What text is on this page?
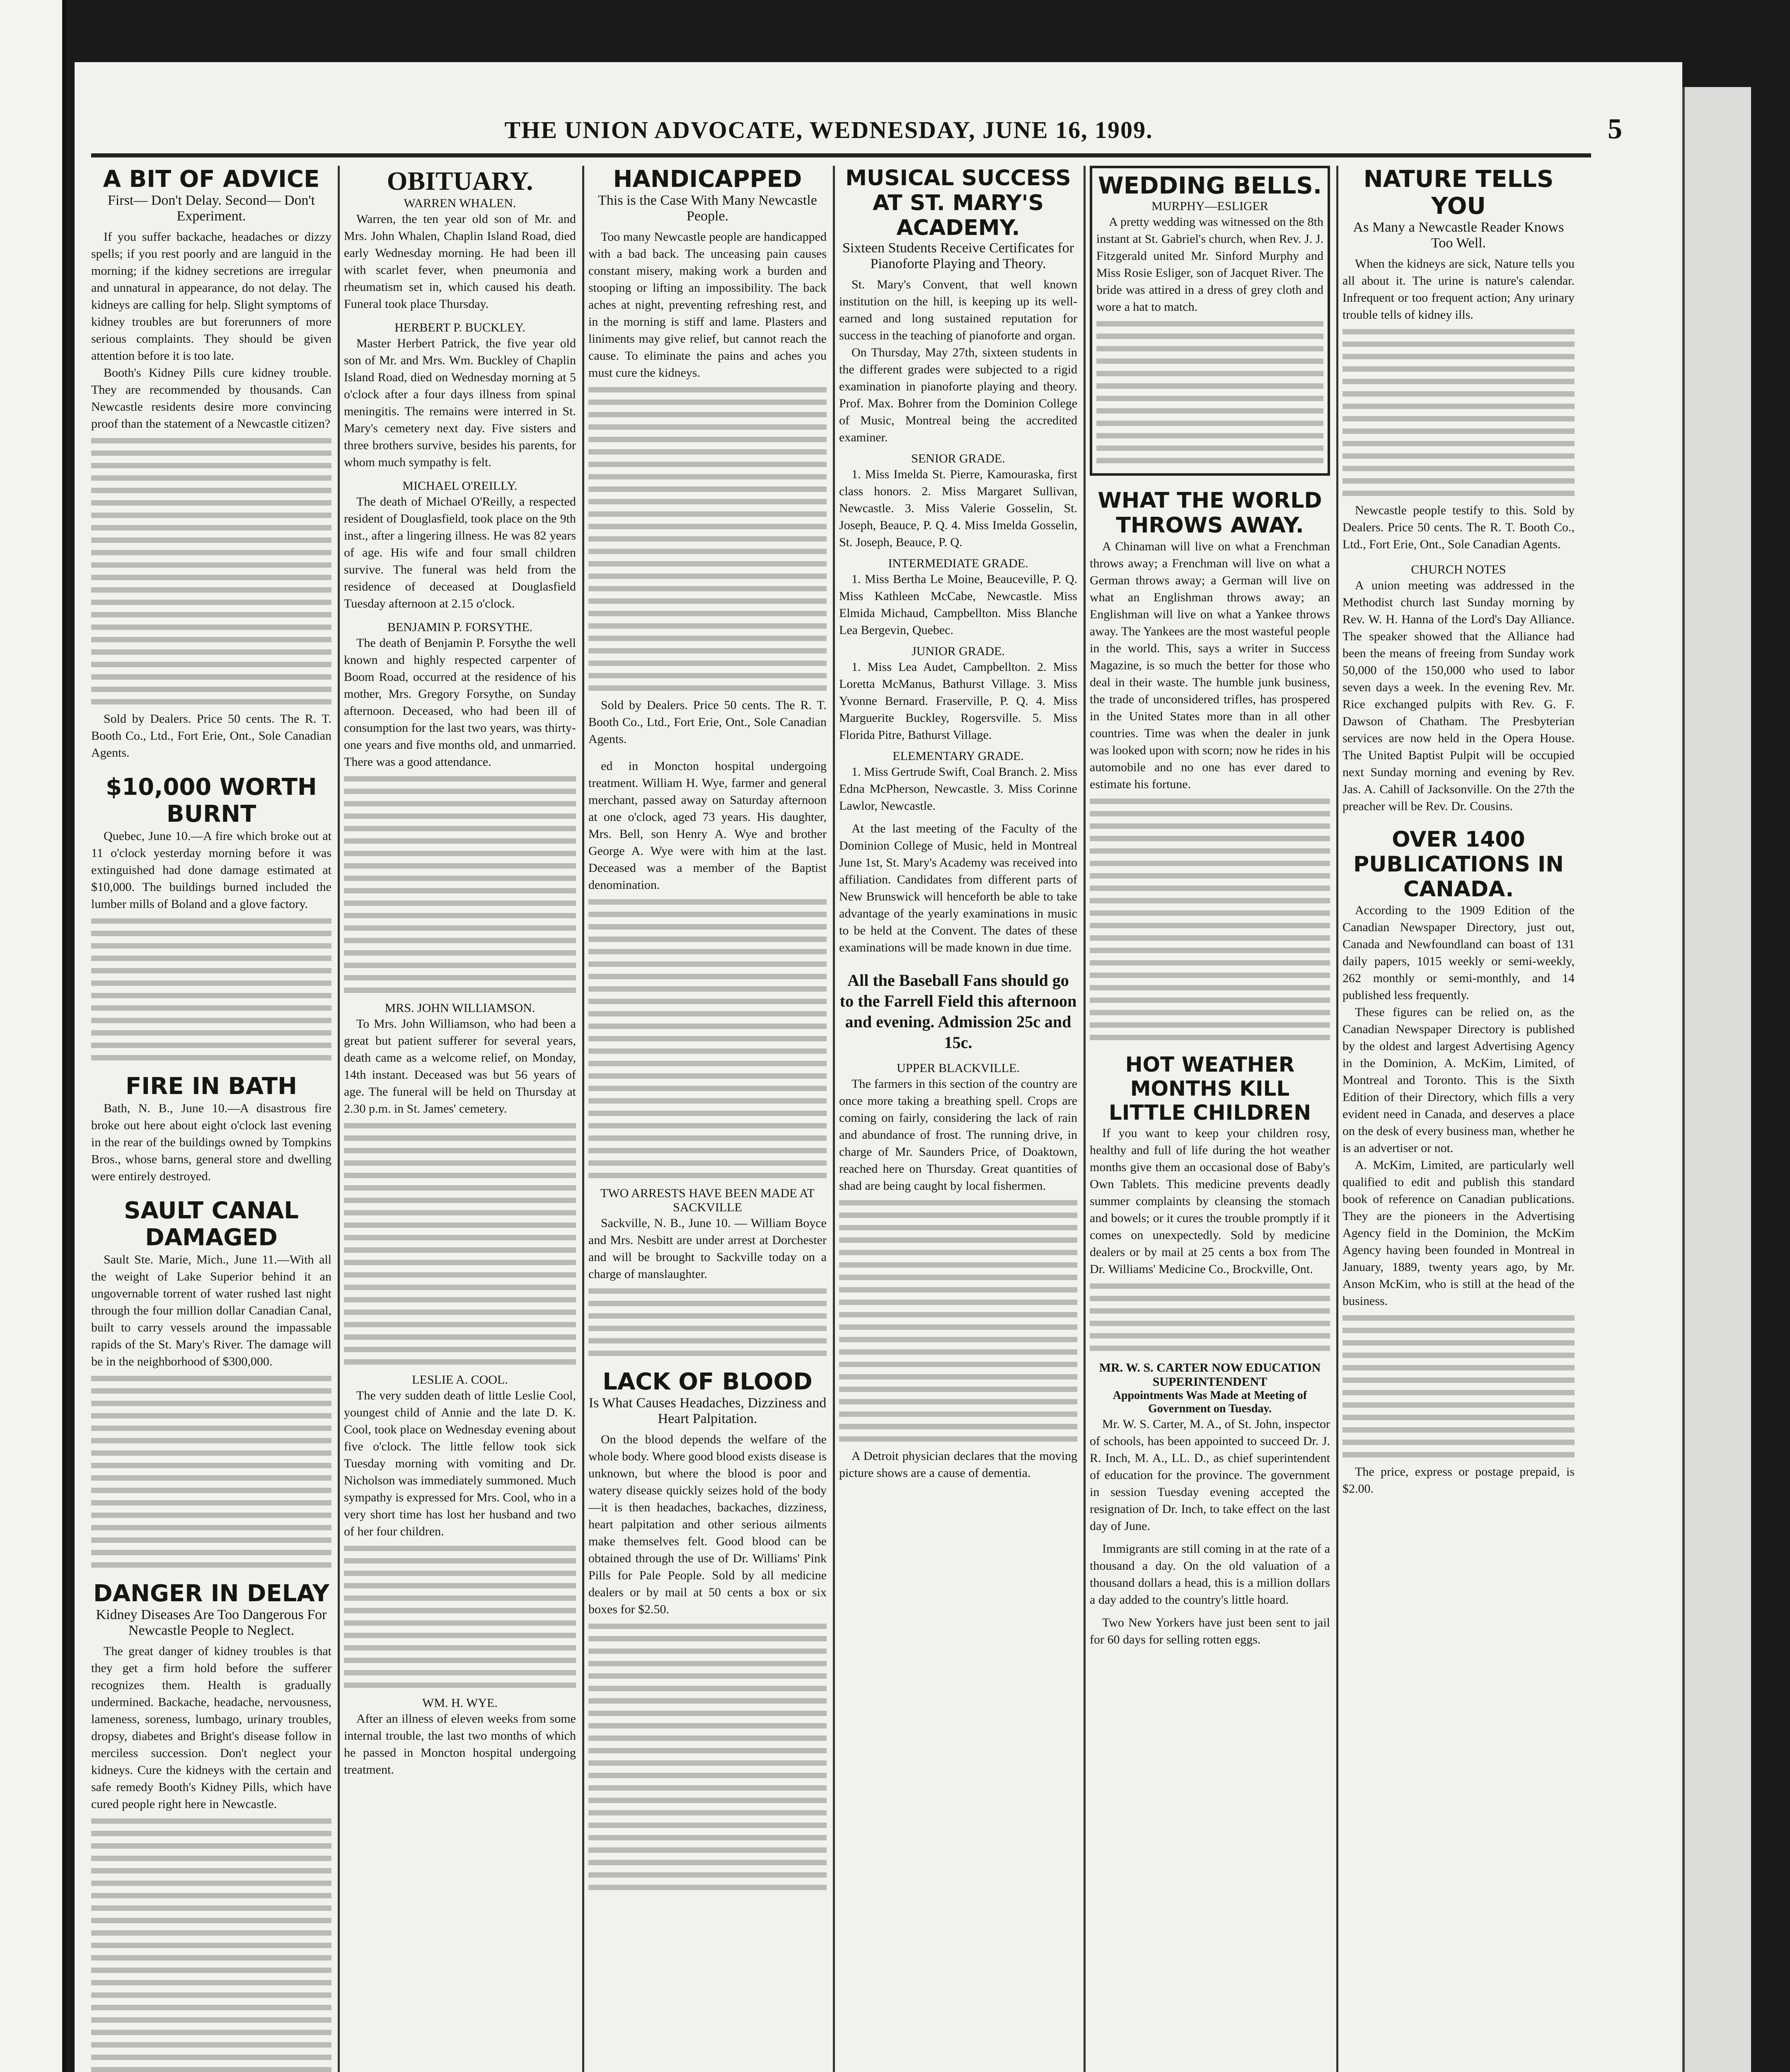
THE UNION ADVOCATE, WEDNESDAY, JUNE 16, 1909.	5

A BIT OF ADVICE

First— Don't Delay. Second— Don't Experiment.

If you suffer backache, headaches or dizzy spells; if you rest poorly and are languid in the morning; if the kidney secretions are irregular and unnatural in appearance, do not delay. The kidneys are calling for help. Slight symptoms of kidney troubles are but forerunners of more serious complaints. They should be given attention before it is too late.

Booth's Kidney Pills cure kidney trouble. They are recommended by thousands. Can Newcastle residents desire more convincing proof than the statement of a Newcastle citizen?

Sold by Dealers. Price 50 cents. The R. T. Booth Co., Ltd., Fort Erie, Ont., Sole Canadian Agents.

$10,000 WORTH BURNT

Quebec, June 10.—A fire which broke out at 11 o'clock yesterday morning before it was extinguished had done damage estimated at $10,000. The buildings burned included the lumber mills of Boland and a glove factory.

FIRE IN BATH

Bath, N. B., June 10.—A disastrous fire broke out here about eight o'clock last evening in the rear of the buildings owned by Tompkins Bros., whose barns, general store and dwelling were entirely destroyed.

SAULT CANAL DAMAGED

Sault Ste. Marie, Mich., June 11.—With all the weight of Lake Superior behind it an ungovernable torrent of water rushed last night through the four million dollar Canadian Canal, built to carry vessels around the impassable rapids of the St. Mary's River. The damage will be in the neighborhood of $300,000.

DANGER IN DELAY

Kidney Diseases Are Too Dangerous For Newcastle People to Neglect.

The great danger of kidney troubles is that they get a firm hold before the sufferer recognizes them. Health is gradually undermined. Backache, headache, nervousness, lameness, soreness, lumbago, urinary troubles, dropsy, diabetes and Bright's disease follow in merciless succession. Don't neglect your kidneys. Cure the kidneys with the certain and safe remedy Booth's Kidney Pills, which have cured people right here in Newcastle.

OBITUARY.

WARREN WHALEN.

Warren, the ten year old son of Mr. and Mrs. John Whalen, Chaplin Island Road, died early Wednesday morning. He had been ill with scarlet fever, when pneumonia and rheumatism set in, which caused his death. Funeral took place Thursday.

HERBERT P. BUCKLEY.

Master Herbert Patrick, the five year old son of Mr. and Mrs. Wm. Buckley of Chaplin Island Road, died on Wednesday morning at 5 o'clock after a four days illness from spinal meningitis. The remains were interred in St. Mary's cemetery next day. Five sisters and three brothers survive, besides his parents, for whom much sympathy is felt.

MICHAEL O'REILLY.

The death of Michael O'Reilly, a respected resident of Douglasfield, took place on the 9th inst., after a lingering illness. He was 82 years of age. His wife and four small children survive. The funeral was held from the residence of deceased at Douglasfield Tuesday afternoon at 2.15 o'clock.

BENJAMIN P. FORSYTHE.

The death of Benjamin P. Forsythe the well known and highly respected carpenter of Boom Road, occurred at the residence of his mother, Mrs. Gregory Forsythe, on Sunday afternoon. Deceased, who had been ill of consumption for the last two years, was thirty-one years and five months old, and unmarried. There was a good attendance.

MRS. JOHN WILLIAMSON.

To Mrs. John Williamson, who had been a great but patient sufferer for several years, death came as a welcome relief, on Monday, 14th instant. Deceased was but 56 years of age. The funeral will be held on Thursday at 2.30 p.m. in St. James' cemetery.

LESLIE A. COOL.

The very sudden death of little Leslie Cool, youngest child of Annie and the late D. K. Cool, took place on Wednesday evening about five o'clock. The little fellow took sick Tuesday morning with vomiting and Dr. Nicholson was immediately summoned. Much sympathy is expressed for Mrs. Cool, who in a very short time has lost her husband and two of her four children.

WM. H. WYE.

After an illness of eleven weeks from some internal trouble, the last two months of which he passed in Moncton hospital undergoing treatment.

HANDICAPPED

This is the Case With Many Newcastle People.

Too many Newcastle people are handicapped with a bad back. The unceasing pain causes constant misery, making work a burden and stooping or lifting an impossibility. The back aches at night, preventing refreshing rest, and in the morning is stiff and lame. Plasters and liniments may give relief, but cannot reach the cause. To eliminate the pains and aches you must cure the kidneys.

Sold by Dealers. Price 50 cents. The R. T. Booth Co., Ltd., Fort Erie, Ont., Sole Canadian Agents.

ed in Moncton hospital undergoing treatment. William H. Wye, farmer and general merchant, passed away on Saturday afternoon at one o'clock, aged 73 years. His daughter, Mrs. Bell, son Henry A. Wye and brother George A. Wye were with him at the last. Deceased was a member of the Baptist denomination.

TWO ARRESTS HAVE BEEN MADE AT SACKVILLE

Sackville, N. B., June 10. — William Boyce and Mrs. Nesbitt are under arrest at Dorchester and will be brought to Sackville today on a charge of manslaughter.

LACK OF BLOOD

Is What Causes Headaches, Dizziness and Heart Palpitation.

On the blood depends the welfare of the whole body. Where good blood exists disease is unknown, but where the blood is poor and watery disease quickly seizes hold of the body—it is then headaches, backaches, dizziness, heart palpitation and other serious ailments make themselves felt. Good blood can be obtained through the use of Dr. Williams' Pink Pills for Pale People. Sold by all medicine dealers or by mail at 50 cents a box or six boxes for $2.50.

MUSICAL SUCCESS AT ST. MARY'S ACADEMY.

Sixteen Students Receive Certificates for Pianoforte Playing and Theory.

St. Mary's Convent, that well known institution on the hill, is keeping up its well-earned and long sustained reputation for success in the teaching of pianoforte and organ.

On Thursday, May 27th, sixteen students in the different grades were subjected to a rigid examination in pianoforte playing and theory. Prof. Max. Bohrer from the Dominion College of Music, Montreal being the accredited examiner.

SENIOR GRADE.

1. Miss Imelda St. Pierre, Kamouraska, first class honors. 2. Miss Margaret Sullivan, Newcastle. 3. Miss Valerie Gosselin, St. Joseph, Beauce, P. Q. 4. Miss Imelda Gosselin, St. Joseph, Beauce, P. Q.

INTERMEDIATE GRADE.

1. Miss Bertha Le Moine, Beauceville, P. Q. Miss Kathleen McCabe, Newcastle. Miss Elmida Michaud, Campbellton. Miss Blanche Lea Bergevin, Quebec.

JUNIOR GRADE.

1. Miss Lea Audet, Campbellton. 2. Miss Loretta McManus, Bathurst Village. 3. Miss Yvonne Bernard. Fraserville, P. Q. 4. Miss Marguerite Buckley, Rogersville. 5. Miss Florida Pitre, Bathurst Village.

ELEMENTARY GRADE.

1. Miss Gertrude Swift, Coal Branch. 2. Miss Edna McPherson, Newcastle. 3. Miss Corinne Lawlor, Newcastle.

At the last meeting of the Faculty of the Dominion College of Music, held in Montreal June 1st, St. Mary's Academy was received into affiliation. Candidates from different parts of New Brunswick will henceforth be able to take advantage of the yearly examinations in music to be held at the Convent. The dates of these examinations will be made known in due time.

All the Baseball Fans should go to the Farrell Field this afternoon and evening. Admission 25c and 15c.

UPPER BLACKVILLE.

The farmers in this section of the country are once more taking a breathing spell. Crops are coming on fairly, considering the lack of rain and abundance of frost. The running drive, in charge of Mr. Saunders Price, of Doaktown, reached here on Thursday. Great quantities of shad are being caught by local fishermen.

A Detroit physician declares that the moving picture shows are a cause of dementia.

WEDDING BELLS.

MURPHY—ESLIGER

A pretty wedding was witnessed on the 8th instant at St. Gabriel's church, when Rev. J. J. Fitzgerald united Mr. Sinford Murphy and Miss Rosie Esliger, son of Jacquet River. The bride was attired in a dress of grey cloth and wore a hat to match.

WHAT THE WORLD THROWS AWAY.

A Chinaman will live on what a Frenchman throws away; a Frenchman will live on what a German throws away; a German will live on what an Englishman throws away; an Englishman will live on what a Yankee throws away. The Yankees are the most wasteful people in the world. This, says a writer in Success Magazine, is so much the better for those who deal in their waste. The humble junk business, the trade of unconsidered trifles, has prospered in the United States more than in all other countries. Time was when the dealer in junk was looked upon with scorn; now he rides in his automobile and no one has ever dared to estimate his fortune.

HOT WEATHER MONTHS KILL LITTLE CHILDREN

If you want to keep your children rosy, healthy and full of life during the hot weather months give them an occasional dose of Baby's Own Tablets. This medicine prevents deadly summer complaints by cleansing the stomach and bowels; or it cures the trouble promptly if it comes on unexpectedly. Sold by medicine dealers or by mail at 25 cents a box from The Dr. Williams' Medicine Co., Brockville, Ont.

MR. W. S. CARTER NOW EDUCATION SUPERINTENDENT

Appointments Was Made at Meeting of Government on Tuesday.

Mr. W. S. Carter, M. A., of St. John, inspector of schools, has been appointed to succeed Dr. J. R. Inch, M. A., LL. D., as chief superintendent of education for the province. The government in session Tuesday evening accepted the resignation of Dr. Inch, to take effect on the last day of June.

Immigrants are still coming in at the rate of a thousand a day. On the old valuation of a thousand dollars a head, this is a million dollars a day added to the country's little hoard.

Two New Yorkers have just been sent to jail for 60 days for selling rotten eggs.

NATURE TELLS YOU

As Many a Newcastle Reader Knows Too Well.

When the kidneys are sick, Nature tells you all about it. The urine is nature's calendar. Infrequent or too frequent action; Any urinary trouble tells of kidney ills.

Newcastle people testify to this. Sold by Dealers. Price 50 cents. The R. T. Booth Co., Ltd., Fort Erie, Ont., Sole Canadian Agents.

CHURCH NOTES

A union meeting was addressed in the Methodist church last Sunday morning by Rev. W. H. Hanna of the Lord's Day Alliance. The speaker showed that the Alliance had been the means of freeing from Sunday work 50,000 of the 150,000 who used to labor seven days a week. In the evening Rev. Mr. Rice exchanged pulpits with Rev. G. F. Dawson of Chatham. The Presbyterian services are now held in the Opera House. The United Baptist Pulpit will be occupied next Sunday morning and evening by Rev. Jas. A. Cahill of Jacksonville. On the 27th the preacher will be Rev. Dr. Cousins.

OVER 1400 PUBLICATIONS IN CANADA.

According to the 1909 Edition of the Canadian Newspaper Directory, just out, Canada and Newfoundland can boast of 131 daily papers, 1015 weekly or semi-weekly, 262 monthly or semi-monthly, and 14 published less frequently.

These figures can be relied on, as the Canadian Newspaper Directory is published by the oldest and largest Advertising Agency in the Dominion, A. McKim, Limited, of Montreal and Toronto. This is the Sixth Edition of their Directory, which fills a very evident need in Canada, and deserves a place on the desk of every business man, whether he is an advertiser or not.

A. McKim, Limited, are particularly well qualified to edit and publish this standard book of reference on Canadian publications. They are the pioneers in the Advertising Agency field in the Dominion, the McKim Agency having been founded in Montreal in January, 1889, twenty years ago, by Mr. Anson McKim, who is still at the head of the business.

The price, express or postage prepaid, is $2.00.
